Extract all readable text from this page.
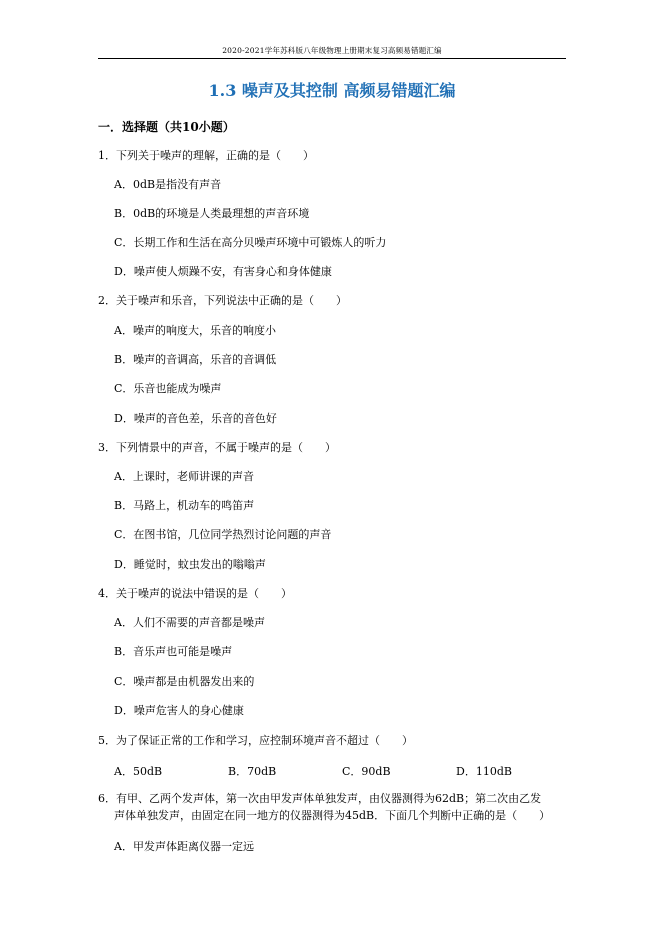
2020-2021学年苏科版八年级物理上册期末复习高频易错题汇编
1.3 噪声及其控制 高频易错题汇编
一．选择题（共10小题）
1．下列关于噪声的理解，正确的是（　　）
A．0dB是指没有声音
B．0dB的环境是人类最理想的声音环境
C．长期工作和生活在高分贝噪声环境中可锻炼人的听力
D．噪声使人烦躁不安，有害身心和身体健康
2．关于噪声和乐音，下列说法中正确的是（　　）
A．噪声的响度大，乐音的响度小
B．噪声的音调高，乐音的音调低
C．乐音也能成为噪声
D．噪声的音色差，乐音的音色好
3．下列情景中的声音，不属于噪声的是（　　）
A．上课时，老师讲课的声音
B．马路上，机动车的鸣笛声
C．在图书馆，几位同学热烈讨论问题的声音
D．睡觉时，蚊虫发出的嗡嗡声
4．关于噪声的说法中错误的是（　　）
A．人们不需要的声音都是噪声
B．音乐声也可能是噪声
C．噪声都是由机器发出来的
D．噪声危害人的身心健康
5．为了保证正常的工作和学习，应控制环境声音不超过（　　）
A．50dB	B．70dB	C．90dB	D．110dB
6．有甲、乙两个发声体，第一次由甲发声体单独发声，由仪器测得为62dB；第二次由乙发
声体单独发声，由固定在同一地方的仪器测得为45dB．下面几个判断中正确的是（　　）
A．甲发声体距离仪器一定远
